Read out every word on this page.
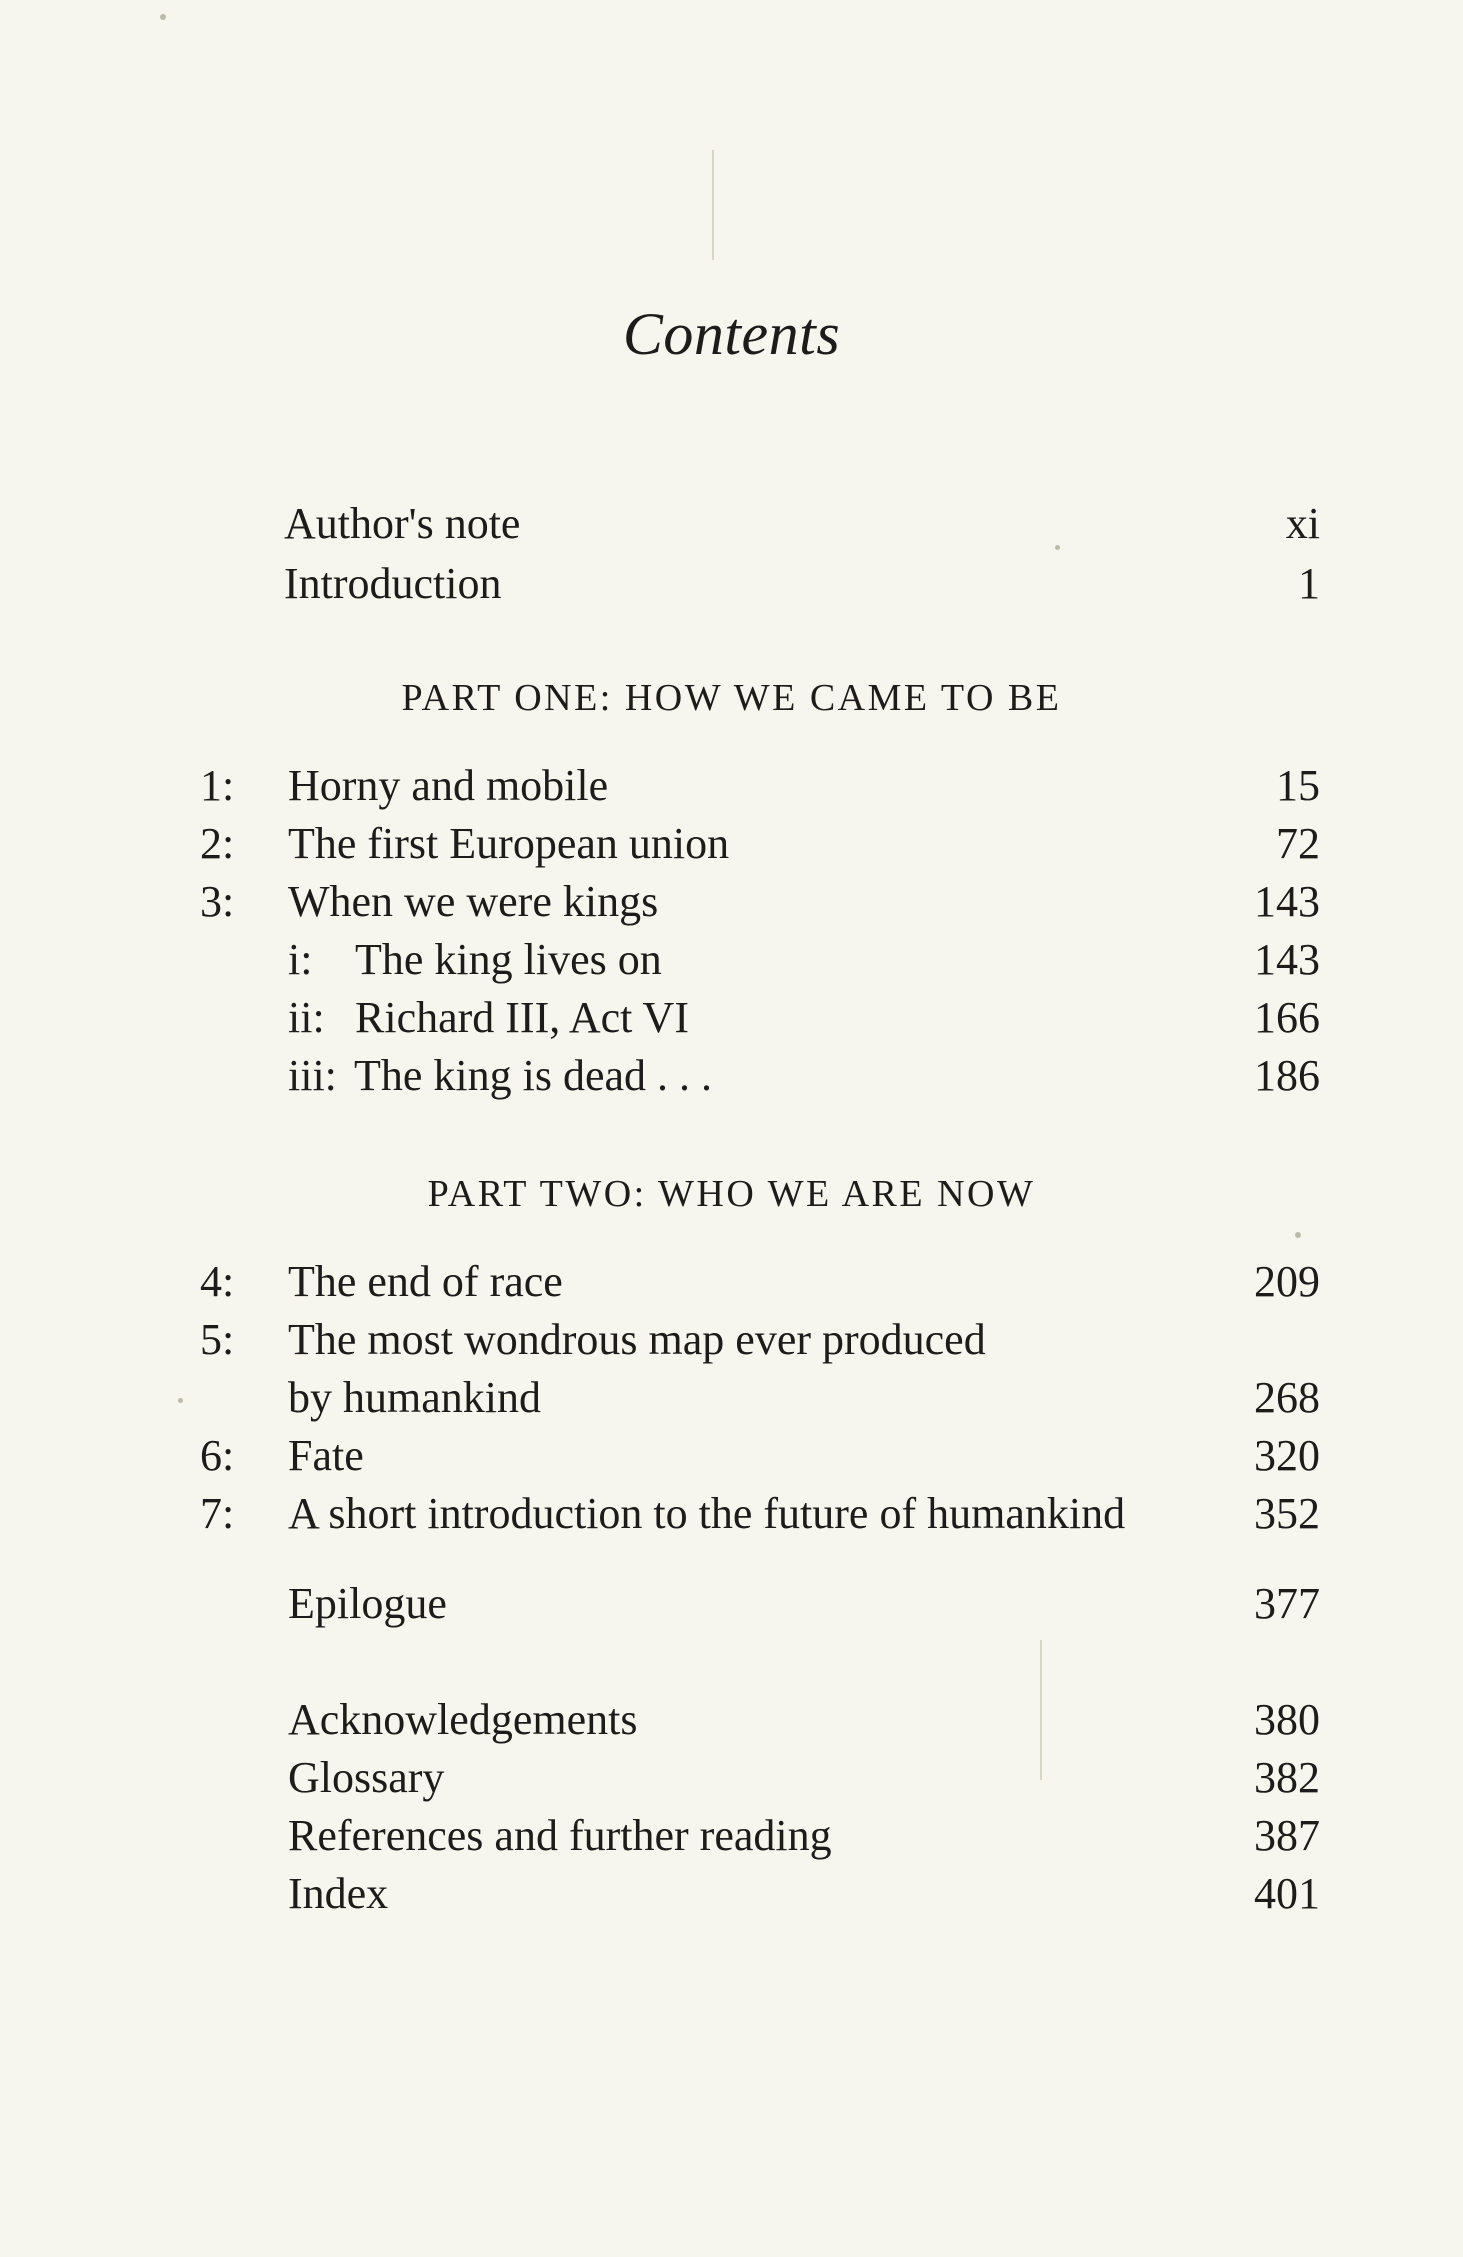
Contents
Author's note	xi
Introduction	1
PART ONE: HOW WE CAME TO BE
1: Horny and mobile	15
2: The first European union	72
3: When we were kings	143
i: The king lives on	143
ii: Richard III, Act VI	166
iii: The king is dead . . .	186
PART TWO: WHO WE ARE NOW
4: The end of race	209
5: The most wondrous map ever produced
by humankind	268
6: Fate	320
7: A short introduction to the future of humankind	352
Epilogue	377
Acknowledgements	380
Glossary	382
References and further reading	387
Index	401
